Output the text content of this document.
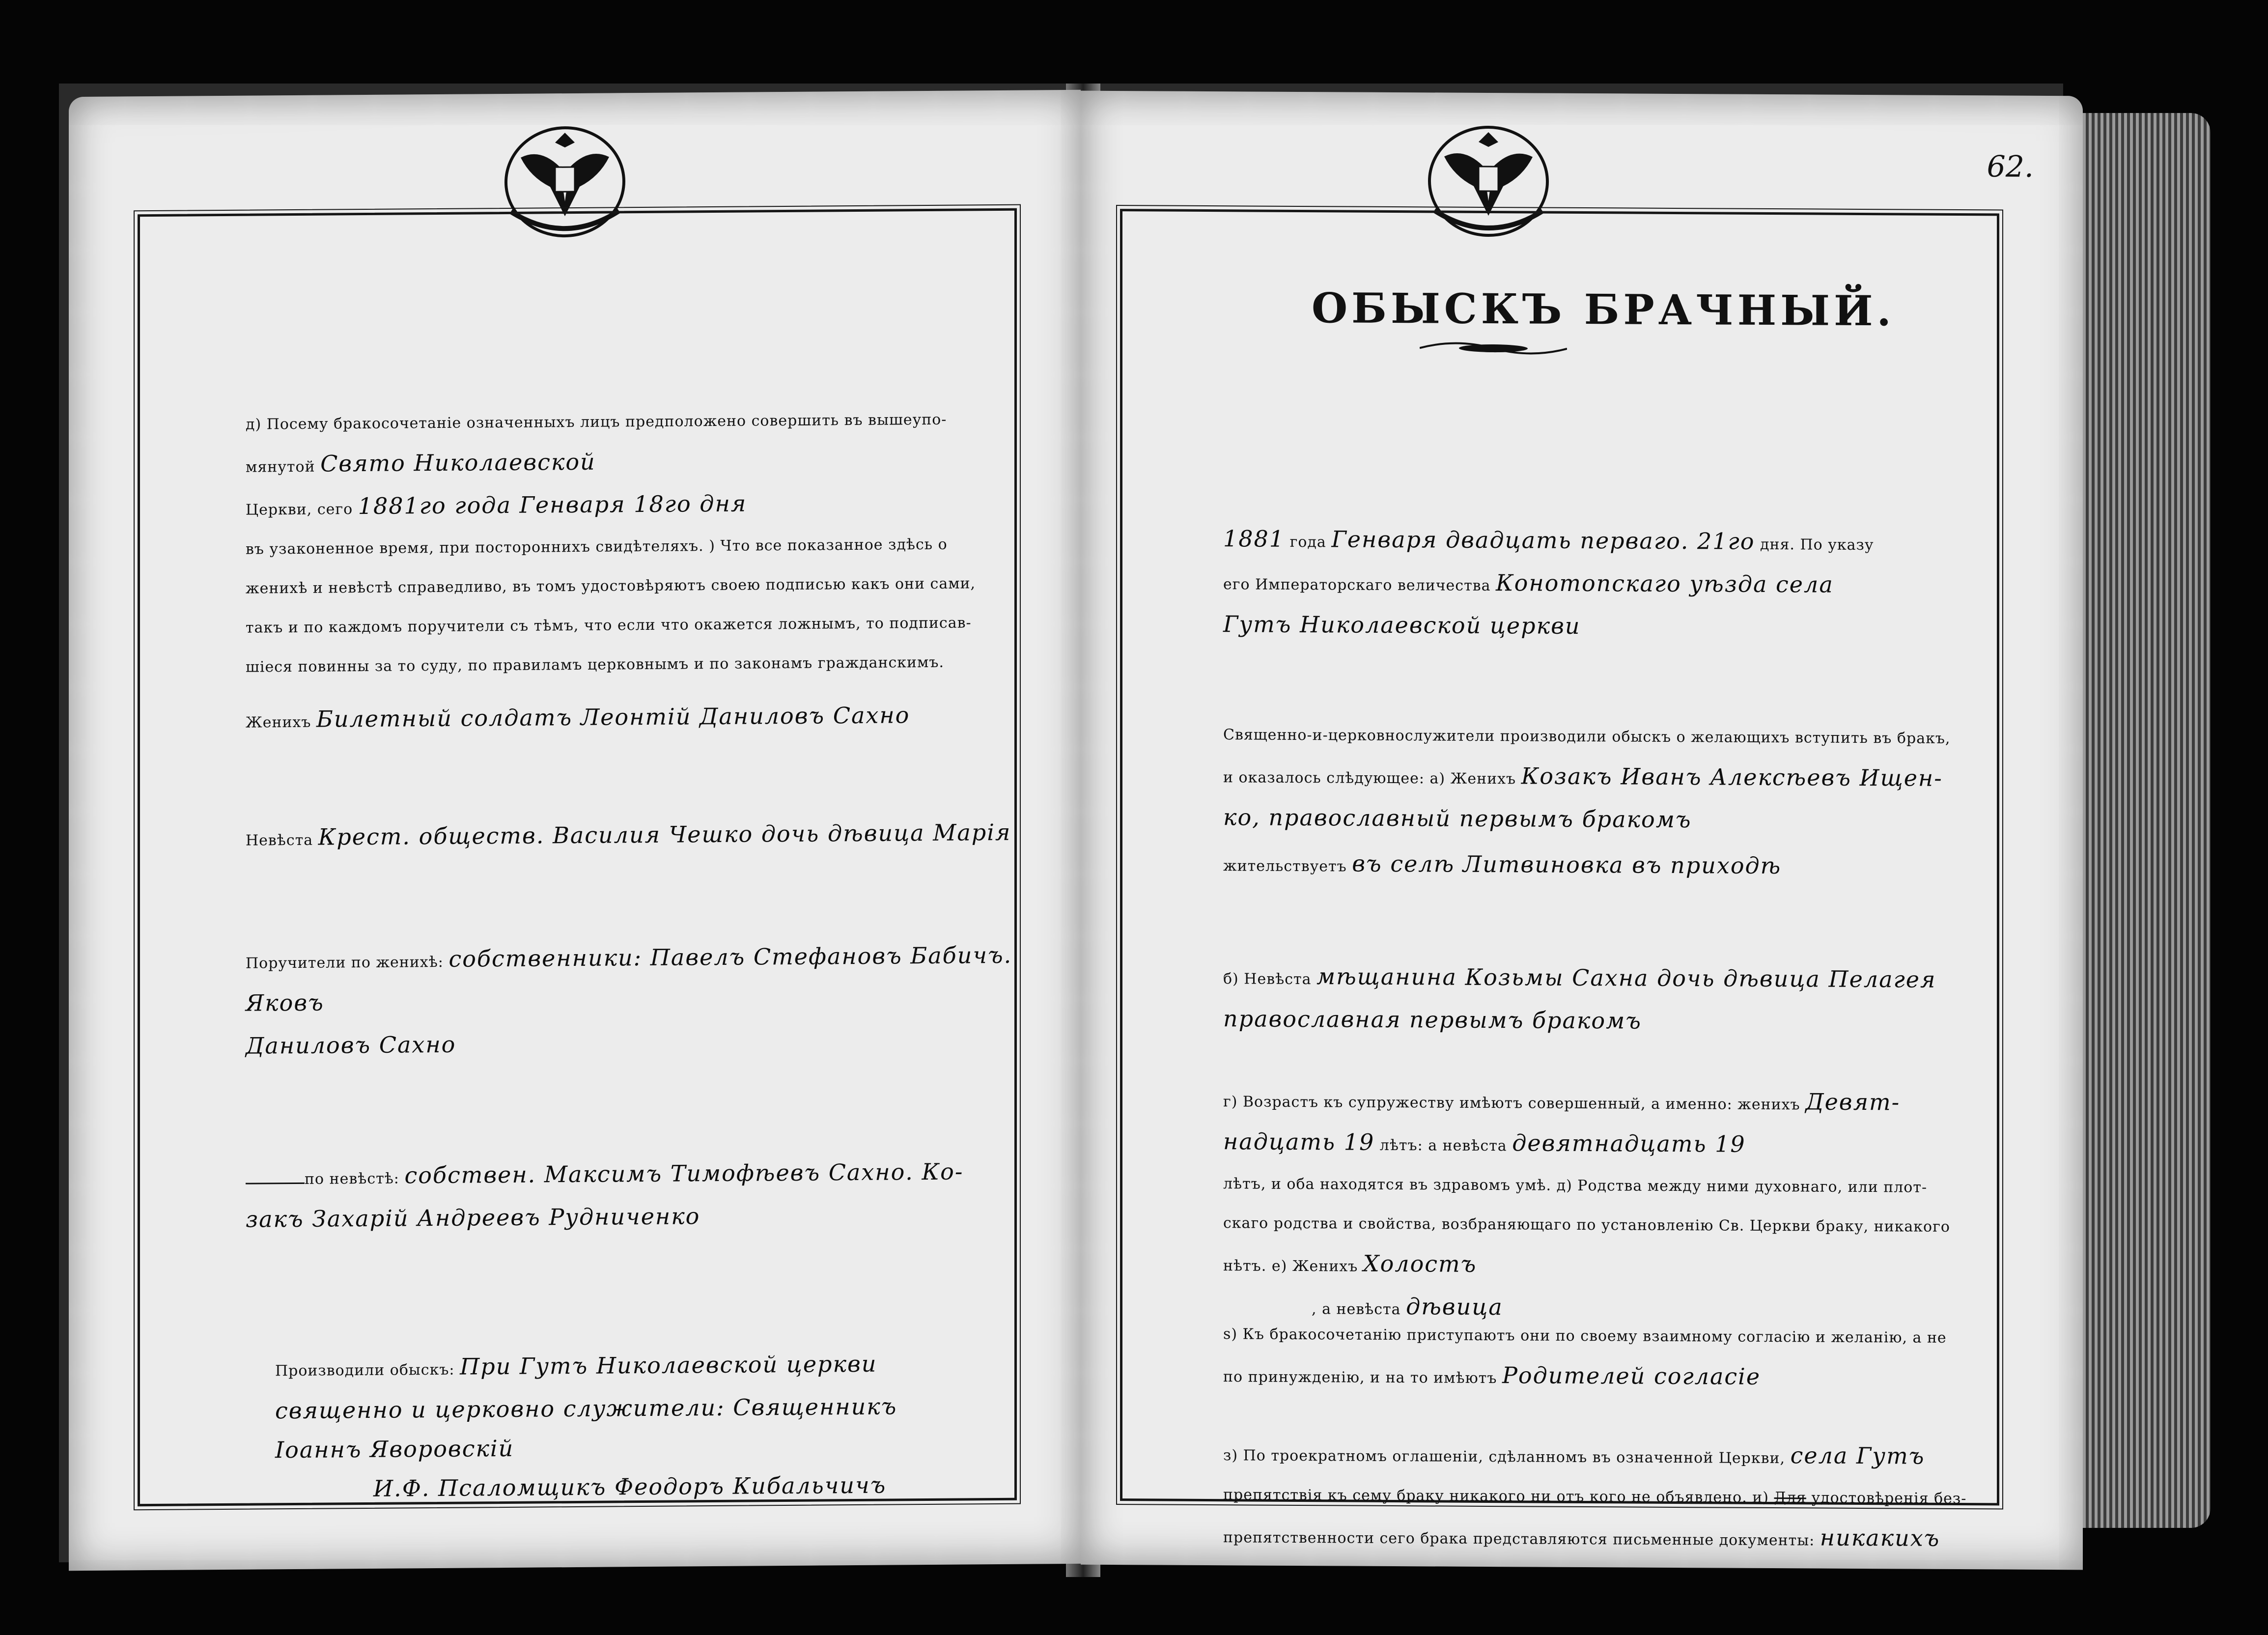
д) Посему бракосочетаніе означенныхъ лицъ предположено совершить въ вышеупо-
мянутой Свято Николаевской
Церкви, сего 1881го года Генваря 18го дня
въ узаконенное время, при постороннихъ свидѣтеляхъ. ) Что все показанное здѣсь о
женихѣ и невѣстѣ справедливо, въ томъ удостовѣряютъ своею подписью какъ они сами,
такъ и по каждомъ поручители съ тѣмъ, что если что окажется ложнымъ, то подписав-
шіеся повинны за то суду, по правиламъ церковнымъ и по законамъ гражданскимъ.
Женихъ Билетный солдатъ Леонтій Даниловъ Сахно
Невѣста Крест. обществ. Василия Чешко дочь дѣвица Марія
Поручители по женихѣ: собственники: Павелъ Стефановъ Бабичъ. Яковъ
Даниловъ Сахно
по невѣстѣ: собствен. Максимъ Тимофѣевъ Сахно. Ко-
закъ Захарій Андреевъ Рудниченко
Производили обыскъ: При Гутъ Николаевской церкви
священно и церковно служители: Священникъ
Іоаннъ Яворовскій
И.Ф. Псаломщикъ Феодоръ Кибальчичъ
62.
ОБЫСКЪ БРАЧНЫЙ.
1881 года Генваря двадцать перваго. 21го дня. По указу
его Императорскаго величества Конотопскаго уѣзда села
Гутъ Николаевской церкви
Священно-и-церковнослужители производили обыскъ о желающихъ вступить въ бракъ,
и оказалось слѣдующее: а) Женихъ Козакъ Иванъ Алексѣевъ Ищен-
ко, православный первымъ бракомъ
жительствуетъ въ селѣ Литвиновка въ приходѣ
б) Невѣста мѣщанина Козьмы Сахна дочь дѣвица Пелагея
православная первымъ бракомъ
г) Возрастъ къ супружеству имѣютъ совершенный, а именно: женихъ Девят-
надцать 19 лѣтъ: а невѣста девятнадцать 19
лѣтъ, и оба находятся въ здравомъ умѣ. д) Родства между ними духовнаго, или плот-
скаго родства и свойства, возбраняющаго по установленію Св. Церкви браку, никакого
нѣтъ. е) Женихъ Холостъ
, а невѣста дѣвица
ѕ) Къ бракосочетанію приступаютъ они по своему взаимному согласію и желанію, а не
по принужденію, и на то имѣютъ Родителей согласіе
з) По троекратномъ оглашеніи, сдѣланномъ въ означенной Церкви, села Гутъ
препятствія къ сему браку никакого ни отъ кого не объявлено. и) Для удостовѣренія без-
препятственности сего брака представляются письменные документы: никакихъ
